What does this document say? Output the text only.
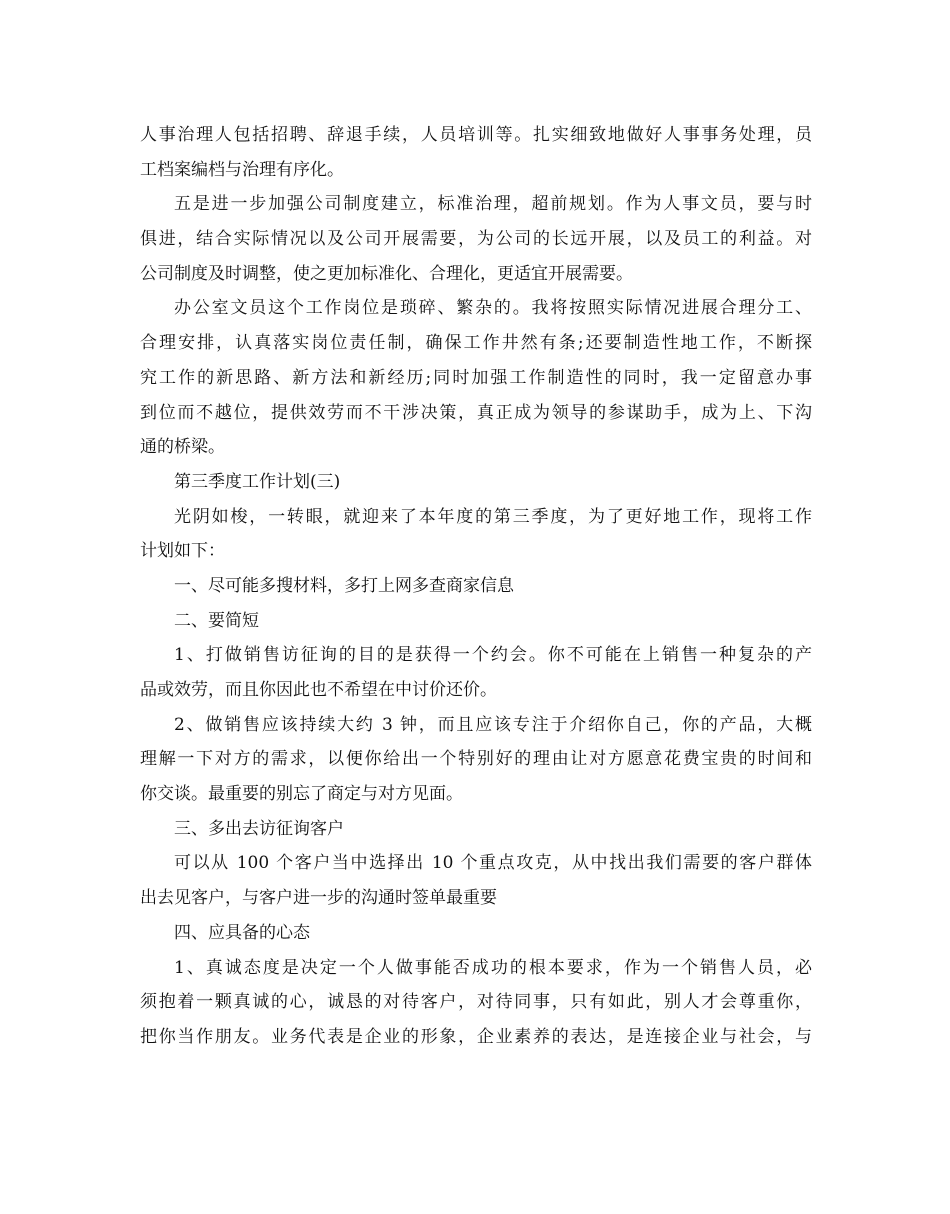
人事治理人包括招聘、辞退手续，人员培训等。扎实细致地做好人事事务处理，员
工档案编档与治理有序化。
五是进一步加强公司制度建立，标准治理，超前规划。作为人事文员，要与时
俱进，结合实际情况以及公司开展需要，为公司的长远开展，以及员工的利益。对
公司制度及时调整，使之更加标准化、合理化，更适宜开展需要。
办公室文员这个工作岗位是琐碎、繁杂的。我将按照实际情况进展合理分工、
合理安排，认真落实岗位责任制，确保工作井然有条;还要制造性地工作，不断探
究工作的新思路、新方法和新经历;同时加强工作制造性的同时，我一定留意办事
到位而不越位，提供效劳而不干涉决策，真正成为领导的参谋助手，成为上、下沟
通的桥梁。
第三季度工作计划(三)
光阴如梭，一转眼，就迎来了本年度的第三季度，为了更好地工作，现将工作
计划如下：
一、尽可能多搜材料，多打上网多查商家信息
二、要简短
1、打做销售访征询的目的是获得一个约会。你不可能在上销售一种复杂的产
品或效劳，而且你因此也不希望在中讨价还价。
2、做销售应该持续大约 3 钟，而且应该专注于介绍你自己，你的产品，大概
理解一下对方的需求，以便你给出一个特别好的理由让对方愿意花费宝贵的时间和
你交谈。最重要的别忘了商定与对方见面。
三、多出去访征询客户
可以从 100 个客户当中选择出 10 个重点攻克，从中找出我们需要的客户群体
出去见客户，与客户进一步的沟通时签单最重要
四、应具备的心态
1、真诚态度是决定一个人做事能否成功的根本要求，作为一个销售人员，必
须抱着一颗真诚的心，诚恳的对待客户，对待同事，只有如此，别人才会尊重你，
把你当作朋友。业务代表是企业的形象，企业素养的表达，是连接企业与社会，与
